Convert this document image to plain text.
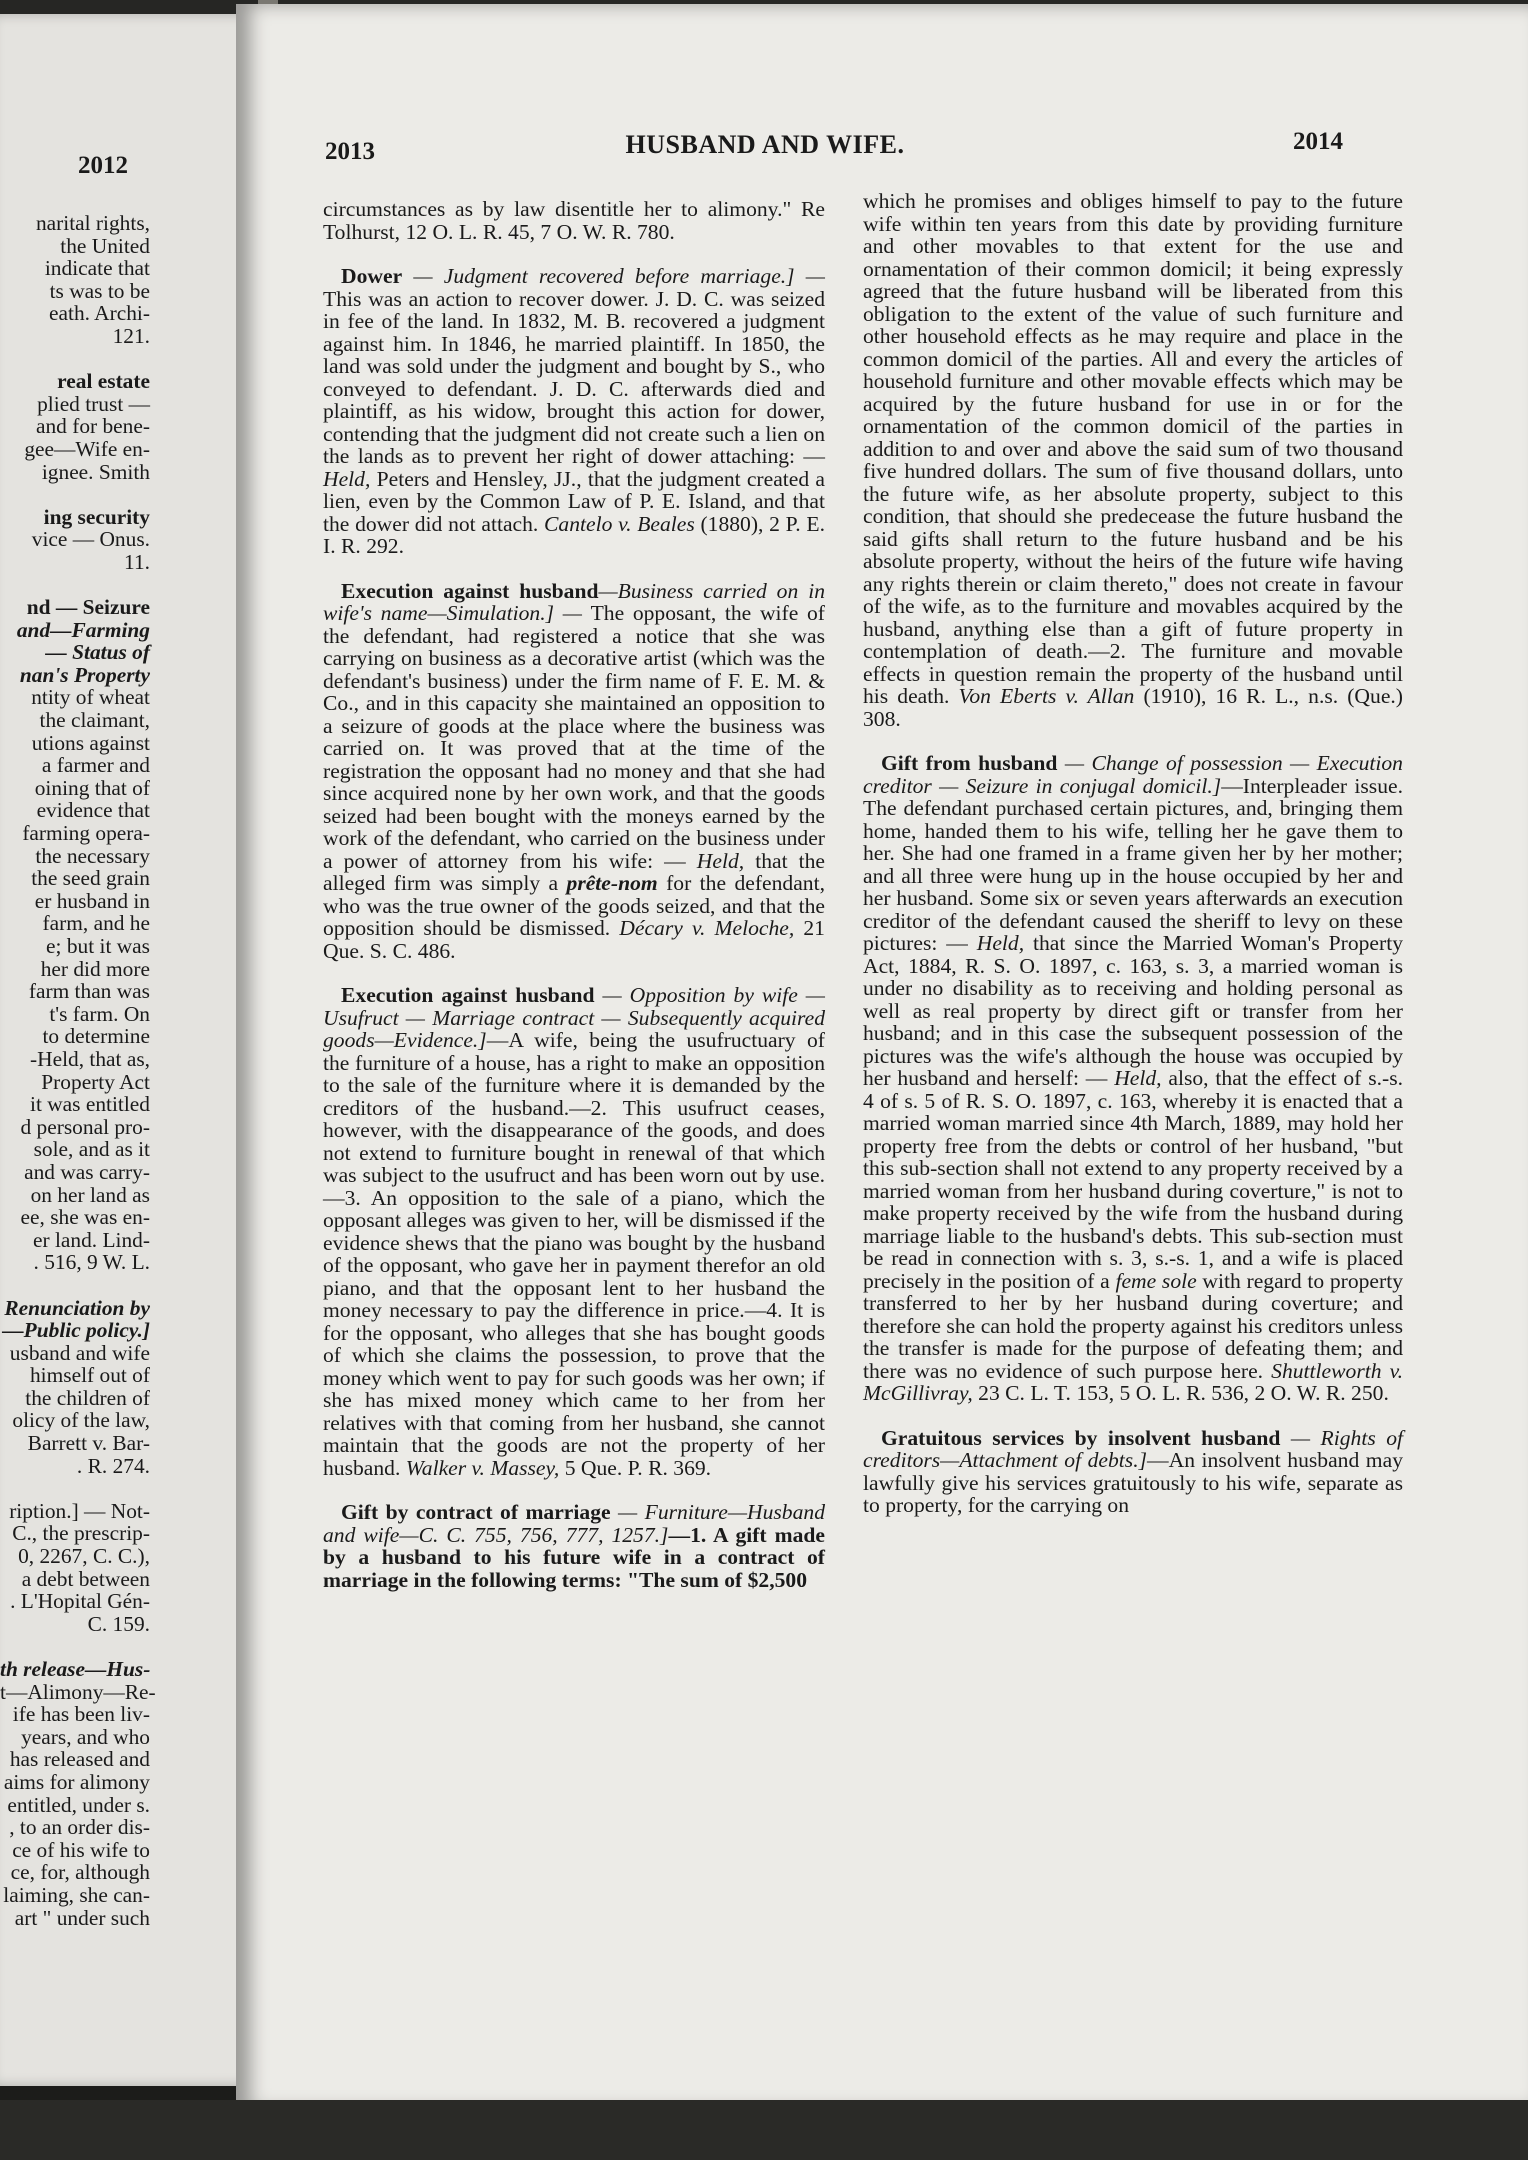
2012
narital rights,
the United
indicate that
ts was to be
eath. Archi-
121.
real estate
plied trust —
and for bene-
gee—Wife en-
ignee. Smith
ing security
vice — Onus.
11.
nd — Seizure
and—Farming
— Status of
nan's Property
ntity of wheat
the claimant,
utions against
a farmer and
oining that of
evidence that
farming opera-
the necessary
the seed grain
er husband in
farm, and he
e; but it was
her did more
farm than was
t's farm. On
to determine
-Held, that as,
Property Act
it was entitled
d personal pro-
sole, and as it
and was carry-
on her land as
ee, she was en-
er land. Lind-
. 516, 9 W. L.
Renunciation by
—Public policy.]
usband and wife
himself out of
the children of
olicy of the law,
Barrett v. Bar-
. R. 274.
ription.] — Not-
C., the prescrip-
0, 2267, C. C.),
a debt between
. L'Hopital Gén-
C. 159.
th release—Hus-
t—Alimony—Re-
ife has been liv-
years, and who
has released and
aims for alimony
entitled, under s.
, to an order dis-
ce of his wife to
ce, for, although
laiming, she can-
art " under such
2013	HUSBAND AND WIFE.	2014

circumstances as by law disentitle her to alimony." Re Tolhurst, 12 O. L. R. 45, 7 O. W. R. 780.

Dower — Judgment recovered before marriage.] — This was an action to recover dower. J. D. C. was seized in fee of the land. In 1832, M. B. recovered a judgment against him. In 1846, he married plaintiff. In 1850, the land was sold under the judgment and bought by S., who conveyed to defendant. J. D. C. afterwards died and plaintiff, as his widow, brought this action for dower, contending that the judgment did not create such a lien on the lands as to prevent her right of dower attaching: —Held, Peters and Hensley, JJ., that the judgment created a lien, even by the Common Law of P. E. Island, and that the dower did not attach. Cantelo v. Beales (1880), 2 P. E. I. R. 292.

Execution against husband—Business carried on in wife's name—Simulation.] — The opposant, the wife of the defendant, had registered a notice that she was carrying on business as a decorative artist (which was the defendant's business) under the firm name of F. E. M. & Co., and in this capacity she maintained an opposition to a seizure of goods at the place where the business was carried on. It was proved that at the time of the registration the opposant had no money and that she had since acquired none by her own work, and that the goods seized had been bought with the moneys earned by the work of the defendant, who carried on the business under a power of attorney from his wife: — Held, that the alleged firm was simply a prête-nom for the defendant, who was the true owner of the goods seized, and that the opposition should be dismissed. Décary v. Meloche, 21 Que. S. C. 486.

Execution against husband — Opposition by wife — Usufruct — Marriage contract — Subsequently acquired goods—Evidence.]—A wife, being the usufructuary of the furniture of a house, has a right to make an opposition to the sale of the furniture where it is demanded by the creditors of the husband.—2. This usufruct ceases, however, with the disappearance of the goods, and does not extend to furniture bought in renewal of that which was subject to the usufruct and has been worn out by use.—3. An opposition to the sale of a piano, which the opposant alleges was given to her, will be dismissed if the evidence shews that the piano was bought by the husband of the opposant, who gave her in payment therefor an old piano, and that the opposant lent to her husband the money necessary to pay the difference in price.—4. It is for the opposant, who alleges that she has bought goods of which she claims the possession, to prove that the money which went to pay for such goods was her own; if she has mixed money which came to her from her relatives with that coming from her husband, she cannot maintain that the goods are not the property of her husband. Walker v. Massey, 5 Que. P. R. 369.

Gift by contract of marriage — Furniture—Husband and wife—C. C. 755, 756, 777, 1257.]—1. A gift made by a husband to his future wife in a contract of marriage in the following terms: "The sum of $2,500

which he promises and obliges himself to pay to the future wife within ten years from this date by providing furniture and other movables to that extent for the use and ornamentation of their common domicil; it being expressly agreed that the future husband will be liberated from this obligation to the extent of the value of such furniture and other household effects as he may require and place in the common domicil of the parties. All and every the articles of household furniture and other movable effects which may be acquired by the future husband for use in or for the ornamentation of the common domicil of the parties in addition to and over and above the said sum of two thousand five hundred dollars. The sum of five thousand dollars, unto the future wife, as her absolute property, subject to this condition, that should she predecease the future husband the said gifts shall return to the future husband and be his absolute property, without the heirs of the future wife having any rights therein or claim thereto," does not create in favour of the wife, as to the furniture and movables acquired by the husband, anything else than a gift of future property in contemplation of death.—2. The furniture and movable effects in question remain the property of the husband until his death. Von Eberts v. Allan (1910), 16 R. L., n.s. (Que.) 308.

Gift from husband — Change of possession — Execution creditor — Seizure in conjugal domicil.]—Interpleader issue. The defendant purchased certain pictures, and, bringing them home, handed them to his wife, telling her he gave them to her. She had one framed in a frame given her by her mother; and all three were hung up in the house occupied by her and her husband. Some six or seven years afterwards an execution creditor of the defendant caused the sheriff to levy on these pictures: — Held, that since the Married Woman's Property Act, 1884, R. S. O. 1897, c. 163, s. 3, a married woman is under no disability as to receiving and holding personal as well as real property by direct gift or transfer from her husband; and in this case the subsequent possession of the pictures was the wife's although the house was occupied by her husband and herself: — Held, also, that the effect of s.-s. 4 of s. 5 of R. S. O. 1897, c. 163, whereby it is enacted that a married woman married since 4th March, 1889, may hold her property free from the debts or control of her husband, "but this sub-section shall not extend to any property received by a married woman from her husband during coverture," is not to make property received by the wife from the husband during marriage liable to the husband's debts. This sub-section must be read in connection with s. 3, s.-s. 1, and a wife is placed precisely in the position of a feme sole with regard to property transferred to her by her husband during coverture; and therefore she can hold the property against his creditors unless the transfer is made for the purpose of defeating them; and there was no evidence of such purpose here. Shuttleworth v. McGillivray, 23 C. L. T. 153, 5 O. L. R. 536, 2 O. W. R. 250.

Gratuitous services by insolvent husband — Rights of creditors—Attachment of debts.]—An insolvent husband may lawfully give his services gratuitously to his wife, separate as to property, for the carrying on
